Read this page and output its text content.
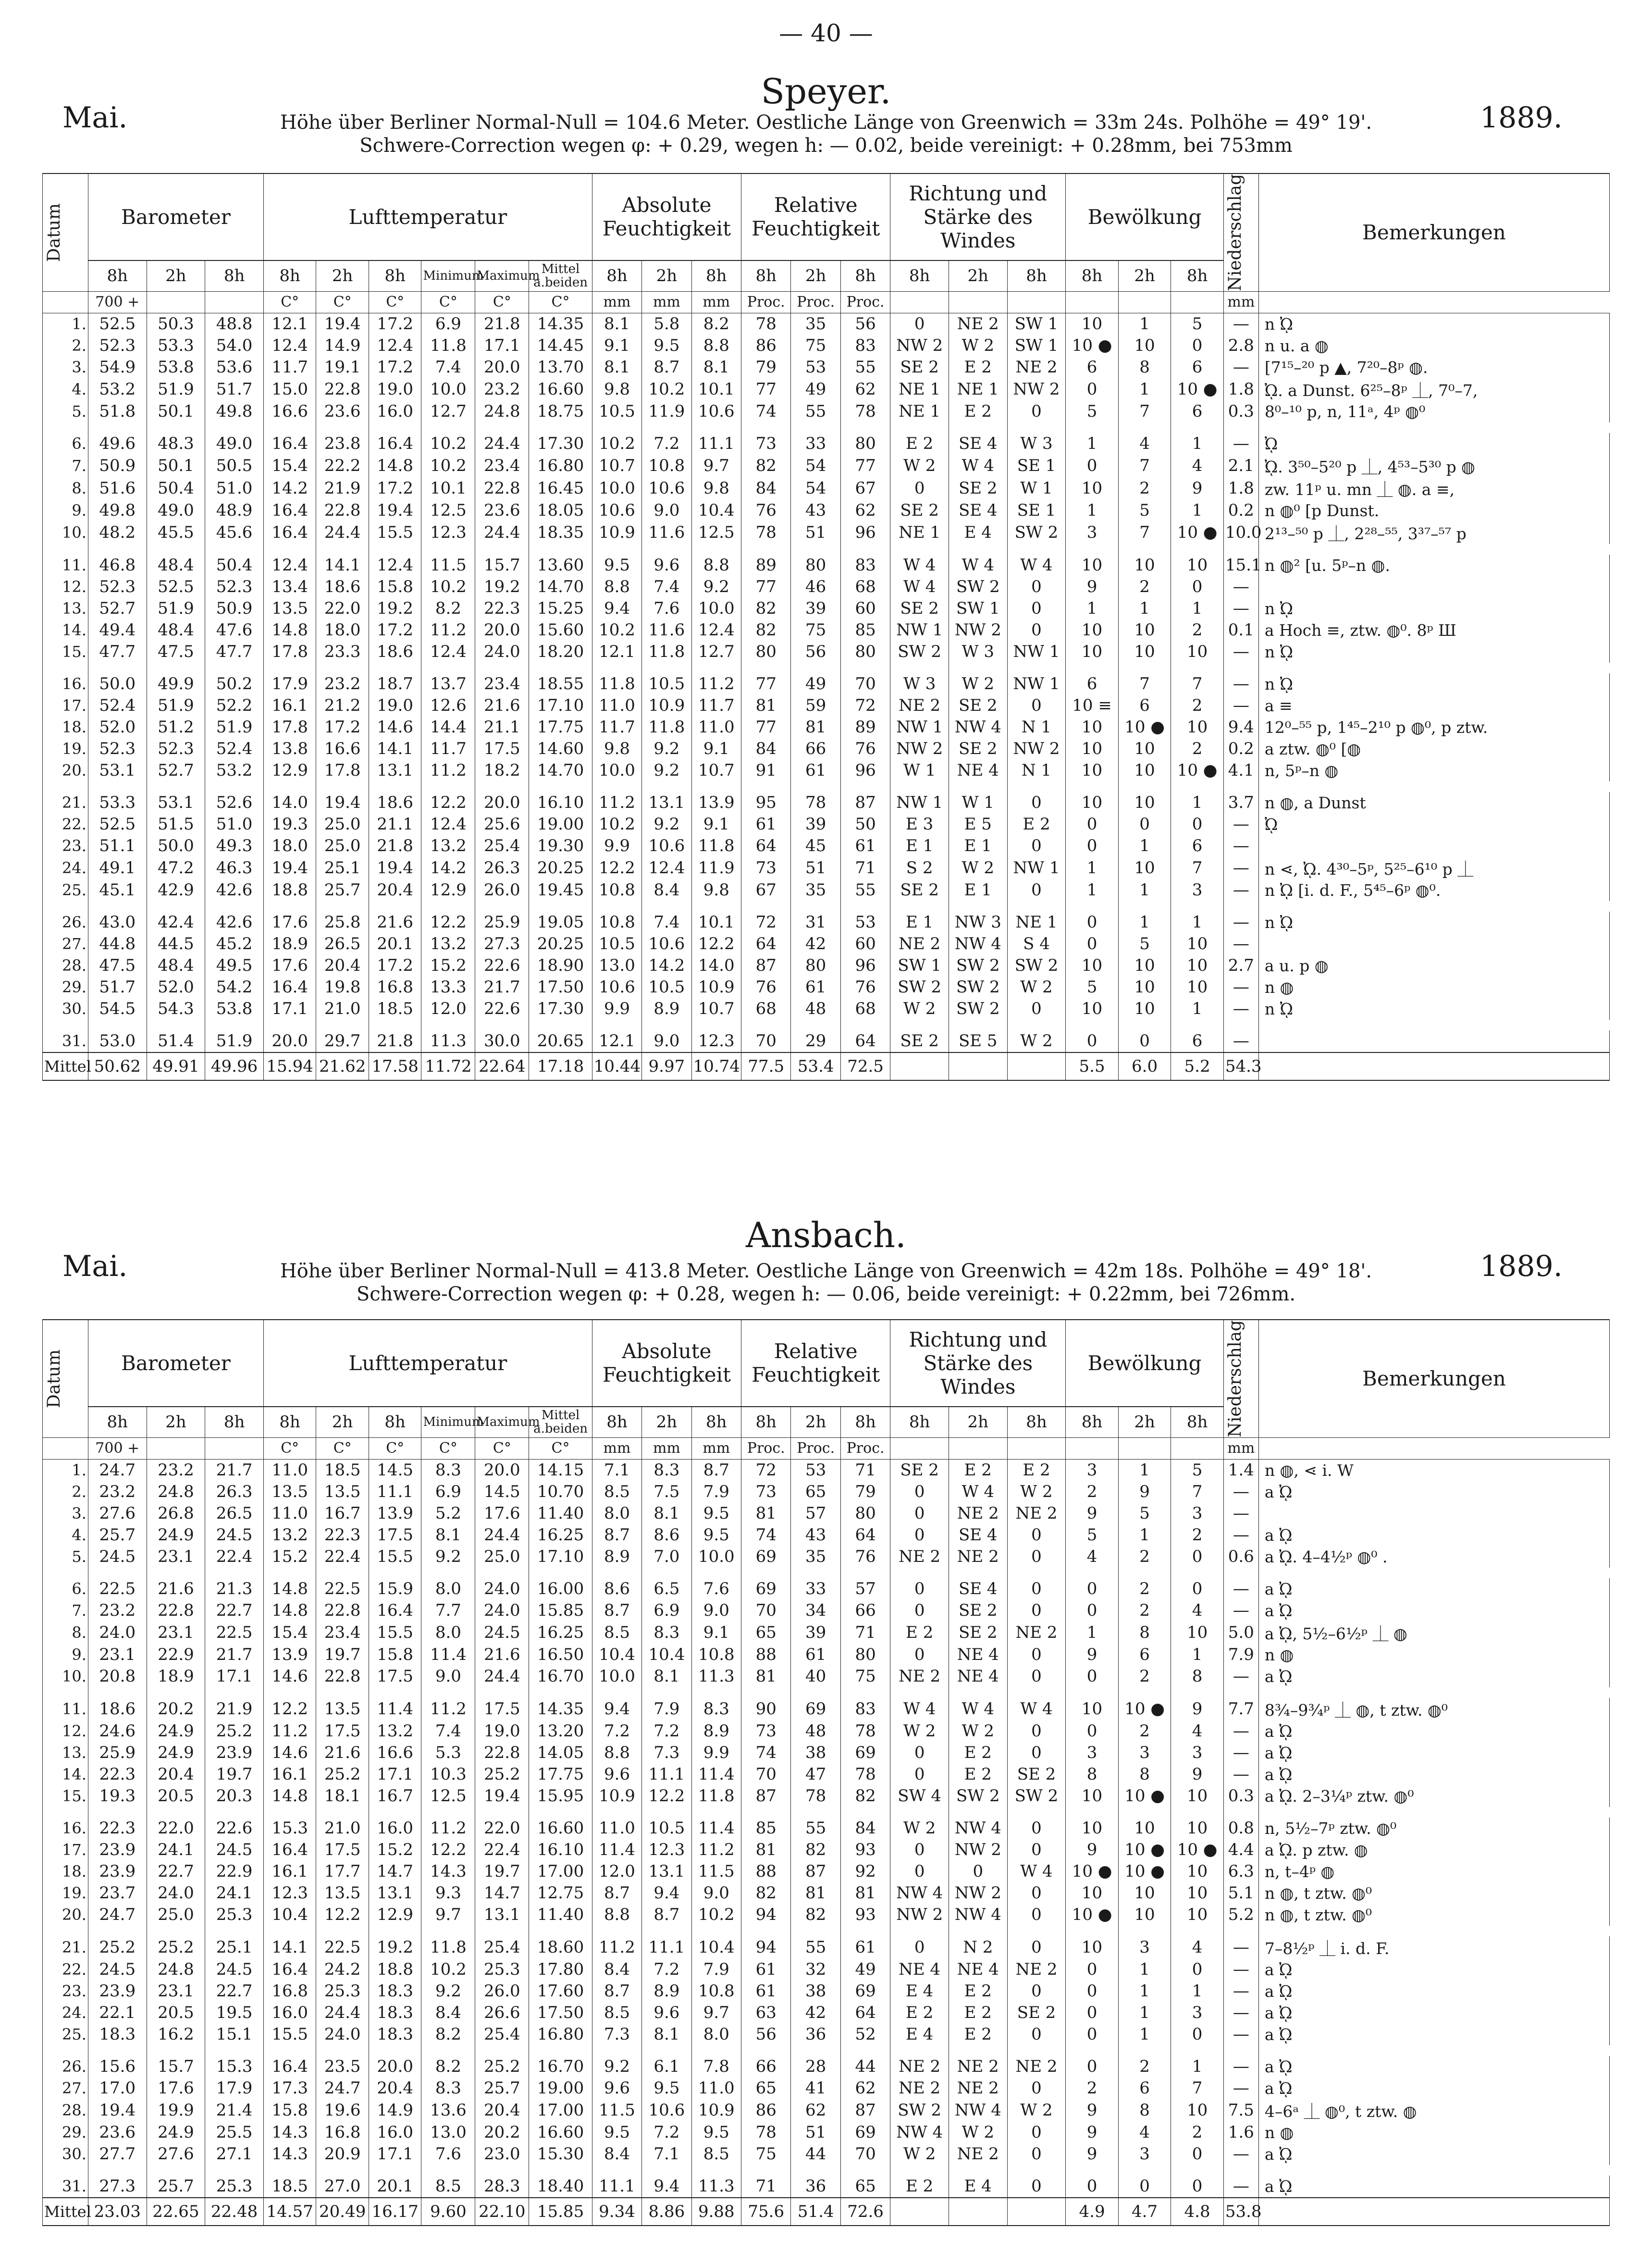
— 40 —
Speyer.
Mai.	1889.
Höhe über Berliner Normal-Null = 104.6 Meter. Oestliche Länge von Greenwich = 33m 24s. Polhöhe = 49° 19'.
Schwere-Correction wegen φ: + 0.29, wegen h: — 0.02, beide vereinigt: + 0.28mm, bei 753mm
Datum	Barometer			Lufttemperatur						Absolute Feuchtigkeit			Relative Feuchtigkeit			Richtung und Stärke des Windes			Bewölkung			Niederschlag	Bemerkungen
	8h	2h	8h	8h	2h	8h	Minimum	Maximum	Mittel a.beiden	8h	2h	8h	8h	2h	8h	8h	2h	8h	8h	2h	8h		
	700 +			C°	C°	C°	C°	C°	C°	mm	mm	mm	Proc.	Proc.	Proc.							mm	
1.	52.5	50.3	48.8	12.1	19.4	17.2	6.9	21.8	14.35	8.1	5.8	8.2	78	35	56	0	NE 2	SW 1	10	1	5	—	n ᾨ
2.	52.3	53.3	54.0	12.4	14.9	12.4	11.8	17.1	14.45	9.1	9.5	8.8	86	75	83	NW 2	W 2	SW 1	10 ●	10	0	2.8	n u. a ◍
3.	54.9	53.8	53.6	11.7	19.1	17.2	7.4	20.0	13.70	8.1	8.7	8.1	79	53	55	SE 2	E 2	NE 2	6	8	6	—	[7¹⁵–²⁰ p ▲, 7²⁰–8ᵖ ◍.
4.	53.2	51.9	51.7	15.0	22.8	19.0	10.0	23.2	16.60	9.8	10.2	10.1	77	49	62	NE 1	NE 1	NW 2	0	1	10 ●	1.8	ᾨ. a Dunst. 6²⁵–8ᵖ ⏊, 7⁰–7,
5.	51.8	50.1	49.8	16.6	23.6	16.0	12.7	24.8	18.75	10.5	11.9	10.6	74	55	78	NE 1	E 2	0	5	7	6	0.3	8⁰–¹⁰ p, n, 11ᵃ, 4ᵖ ◍⁰

6.	49.6	48.3	49.0	16.4	23.8	16.4	10.2	24.4	17.30	10.2	7.2	11.1	73	33	80	E 2	SE 4	W 3	1	4	1	—	ᾨ
7.	50.9	50.1	50.5	15.4	22.2	14.8	10.2	23.4	16.80	10.7	10.8	9.7	82	54	77	W 2	W 4	SE 1	0	7	4	2.1	ᾨ. 3⁵⁰–5²⁰ p ⏊, 4⁵³–5³⁰ p ◍
8.	51.6	50.4	51.0	14.2	21.9	17.2	10.1	22.8	16.45	10.0	10.6	9.8	84	54	67	0	SE 2	W 1	10	2	9	1.8	zw. 11ᵖ u. mn ⏊ ◍. a ≡,
9.	49.8	49.0	48.9	16.4	22.8	19.4	12.5	23.6	18.05	10.6	9.0	10.4	76	43	62	SE 2	SE 4	SE 1	1	5	1	0.2	n ◍⁰ [p Dunst.
10.	48.2	45.5	45.6	16.4	24.4	15.5	12.3	24.4	18.35	10.9	11.6	12.5	78	51	96	NE 1	E 4	SW 2	3	7	10 ●	10.0	2¹³–⁵⁰ p ⏊, 2²⁸–⁵⁵, 3³⁷–⁵⁷ p

11.	46.8	48.4	50.4	12.4	14.1	12.4	11.5	15.7	13.60	9.5	9.6	8.8	89	80	83	W 4	W 4	W 4	10	10	10	15.1	n ◍² [u. 5ᵖ–n ◍.
12.	52.3	52.5	52.3	13.4	18.6	15.8	10.2	19.2	14.70	8.8	7.4	9.2	77	46	68	W 4	SW 2	0	9	2	0	—	
13.	52.7	51.9	50.9	13.5	22.0	19.2	8.2	22.3	15.25	9.4	7.6	10.0	82	39	60	SE 2	SW 1	0	1	1	1	—	n ᾨ
14.	49.4	48.4	47.6	14.8	18.0	17.2	11.2	20.0	15.60	10.2	11.6	12.4	82	75	85	NW 1	NW 2	0	10	10	2	0.1	a Hoch ≡, ztw. ◍⁰. 8ᵖ Ш
15.	47.7	47.5	47.7	17.8	23.3	18.6	12.4	24.0	18.20	12.1	11.8	12.7	80	56	80	SW 2	W 3	NW 1	10	10	10	—	n ᾨ

16.	50.0	49.9	50.2	17.9	23.2	18.7	13.7	23.4	18.55	11.8	10.5	11.2	77	49	70	W 3	W 2	NW 1	6	7	7	—	n ᾨ
17.	52.4	51.9	52.2	16.1	21.2	19.0	12.6	21.6	17.10	11.0	10.9	11.7	81	59	72	NE 2	SE 2	0	10 ≡	6	2	—	a ≡
18.	52.0	51.2	51.9	17.8	17.2	14.6	14.4	21.1	17.75	11.7	11.8	11.0	77	81	89	NW 1	NW 4	N 1	10	10 ●	10	9.4	12⁰–⁵⁵ p, 1⁴⁵–2¹⁰ p ◍⁰, p ztw.
19.	52.3	52.3	52.4	13.8	16.6	14.1	11.7	17.5	14.60	9.8	9.2	9.1	84	66	76	NW 2	SE 2	NW 2	10	10	2	0.2	a ztw. ◍⁰ [◍
20.	53.1	52.7	53.2	12.9	17.8	13.1	11.2	18.2	14.70	10.0	9.2	10.7	91	61	96	W 1	NE 4	N 1	10	10	10 ●	4.1	n, 5ᵖ–n ◍

21.	53.3	53.1	52.6	14.0	19.4	18.6	12.2	20.0	16.10	11.2	13.1	13.9	95	78	87	NW 1	W 1	0	10	10	1	3.7	n ◍, a Dunst
22.	52.5	51.5	51.0	19.3	25.0	21.1	12.4	25.6	19.00	10.2	9.2	9.1	61	39	50	E 3	E 5	E 2	0	0	0	—	ᾨ
23.	51.1	50.0	49.3	18.0	25.0	21.8	13.2	25.4	19.30	9.9	10.6	11.8	64	45	61	E 1	E 1	0	0	1	6	—	
24.	49.1	47.2	46.3	19.4	25.1	19.4	14.2	26.3	20.25	12.2	12.4	11.9	73	51	71	S 2	W 2	NW 1	1	10	7	—	n ⋖, ᾨ. 4³⁰–5ᵖ, 5²⁵–6¹⁰ p ⏊
25.	45.1	42.9	42.6	18.8	25.7	20.4	12.9	26.0	19.45	10.8	8.4	9.8	67	35	55	SE 2	E 1	0	1	1	3	—	n ᾨ [i. d. F., 5⁴⁵–6ᵖ ◍⁰.

26.	43.0	42.4	42.6	17.6	25.8	21.6	12.2	25.9	19.05	10.8	7.4	10.1	72	31	53	E 1	NW 3	NE 1	0	1	1	—	n ᾨ
27.	44.8	44.5	45.2	18.9	26.5	20.1	13.2	27.3	20.25	10.5	10.6	12.2	64	42	60	NE 2	NW 4	S 4	0	5	10	—	
28.	47.5	48.4	49.5	17.6	20.4	17.2	15.2	22.6	18.90	13.0	14.2	14.0	87	80	96	SW 1	SW 2	SW 2	10	10	10	2.7	a u. p ◍
29.	51.7	52.0	54.2	16.4	19.8	16.8	13.3	21.7	17.50	10.6	10.5	10.9	76	61	76	SW 2	SW 2	W 2	5	10	10	—	n ◍
30.	54.5	54.3	53.8	17.1	21.0	18.5	12.0	22.6	17.30	9.9	8.9	10.7	68	48	68	W 2	SW 2	0	10	10	1	—	n ᾨ

31.	53.0	51.4	51.9	20.0	29.7	21.8	11.3	30.0	20.65	12.1	9.0	12.3	70	29	64	SE 2	SE 5	W 2	0	0	6	—	
Mittel	50.62	49.91	49.96	15.94	21.62	17.58	11.72	22.64	17.18	10.44	9.97	10.74	77.5	53.4	72.5				5.5	6.0	5.2	54.3	
Ansbach.
Mai.	1889.
Höhe über Berliner Normal-Null = 413.8 Meter. Oestliche Länge von Greenwich = 42m 18s. Polhöhe = 49° 18'.
Schwere-Correction wegen φ: + 0.28, wegen h: — 0.06, beide vereinigt: + 0.22mm, bei 726mm.
Datum	Barometer			Lufttemperatur						Absolute Feuchtigkeit			Relative Feuchtigkeit			Richtung und Stärke des Windes			Bewölkung			Niederschlag	Bemerkungen
	8h	2h	8h	8h	2h	8h	Minimum	Maximum	Mittel a.beiden	8h	2h	8h	8h	2h	8h	8h	2h	8h	8h	2h	8h		
	700 +			C°	C°	C°	C°	C°	C°	mm	mm	mm	Proc.	Proc.	Proc.							mm	
1.	24.7	23.2	21.7	11.0	18.5	14.5	8.3	20.0	14.15	7.1	8.3	8.7	72	53	71	SE 2	E 2	E 2	3	1	5	1.4	n ◍, ⋖ i. W
2.	23.2	24.8	26.3	13.5	13.5	11.1	6.9	14.5	10.70	8.5	7.5	7.9	73	65	79	0	W 4	W 2	2	9	7	—	a ᾨ
3.	27.6	26.8	26.5	11.0	16.7	13.9	5.2	17.6	11.40	8.0	8.1	9.5	81	57	80	0	NE 2	NE 2	9	5	3	—	
4.	25.7	24.9	24.5	13.2	22.3	17.5	8.1	24.4	16.25	8.7	8.6	9.5	74	43	64	0	SE 4	0	5	1	2	—	a ᾨ
5.	24.5	23.1	22.4	15.2	22.4	15.5	9.2	25.0	17.10	8.9	7.0	10.0	69	35	76	NE 2	NE 2	0	4	2	0	0.6	a ᾨ. 4–4½ᵖ ◍⁰ .

6.	22.5	21.6	21.3	14.8	22.5	15.9	8.0	24.0	16.00	8.6	6.5	7.6	69	33	57	0	SE 4	0	0	2	0	—	a ᾨ
7.	23.2	22.8	22.7	14.8	22.8	16.4	7.7	24.0	15.85	8.7	6.9	9.0	70	34	66	0	SE 2	0	0	2	4	—	a ᾨ
8.	24.0	23.1	22.5	15.4	23.4	15.5	8.0	24.5	16.25	8.5	8.3	9.1	65	39	71	E 2	SE 2	NE 2	1	8	10	5.0	a ᾨ, 5½–6½ᵖ ⏊ ◍
9.	23.1	22.9	21.7	13.9	19.7	15.8	11.4	21.6	16.50	10.4	10.4	10.8	88	61	80	0	NE 4	0	9	6	1	7.9	n ◍
10.	20.8	18.9	17.1	14.6	22.8	17.5	9.0	24.4	16.70	10.0	8.1	11.3	81	40	75	NE 2	NE 4	0	0	2	8	—	a ᾨ

11.	18.6	20.2	21.9	12.2	13.5	11.4	11.2	17.5	14.35	9.4	7.9	8.3	90	69	83	W 4	W 4	W 4	10	10 ●	9	7.7	8¾–9¾ᵖ ⏊ ◍, t ztw. ◍⁰
12.	24.6	24.9	25.2	11.2	17.5	13.2	7.4	19.0	13.20	7.2	7.2	8.9	73	48	78	W 2	W 2	0	0	2	4	—	a ᾨ
13.	25.9	24.9	23.9	14.6	21.6	16.6	5.3	22.8	14.05	8.8	7.3	9.9	74	38	69	0	E 2	0	3	3	3	—	a ᾨ
14.	22.3	20.4	19.7	16.1	25.2	17.1	10.3	25.2	17.75	9.6	11.1	11.4	70	47	78	0	E 2	SE 2	8	8	9	—	a ᾨ
15.	19.3	20.5	20.3	14.8	18.1	16.7	12.5	19.4	15.95	10.9	12.2	11.8	87	78	82	SW 4	SW 2	SW 2	10	10 ●	10	0.3	a ᾨ. 2–3¼ᵖ ztw. ◍⁰

16.	22.3	22.0	22.6	15.3	21.0	16.0	11.2	22.0	16.60	11.0	10.5	11.4	85	55	84	W 2	NW 4	0	10	10	10	0.8	n, 5½–7ᵖ ztw. ◍⁰
17.	23.9	24.1	24.5	16.4	17.5	15.2	12.2	22.4	16.10	11.4	12.3	11.2	81	82	93	0	NW 2	0	9	10 ●	10 ●	4.4	a ᾨ. p ztw. ◍
18.	23.9	22.7	22.9	16.1	17.7	14.7	14.3	19.7	17.00	12.0	13.1	11.5	88	87	92	0	0	W 4	10 ●	10 ●	10	6.3	n, t–4ᵖ ◍
19.	23.7	24.0	24.1	12.3	13.5	13.1	9.3	14.7	12.75	8.7	9.4	9.0	82	81	81	NW 4	NW 2	0	10	10	10	5.1	n ◍, t ztw. ◍⁰
20.	24.7	25.0	25.3	10.4	12.2	12.9	9.7	13.1	11.40	8.8	8.7	10.2	94	82	93	NW 2	NW 4	0	10 ●	10	10	5.2	n ◍, t ztw. ◍⁰

21.	25.2	25.2	25.1	14.1	22.5	19.2	11.8	25.4	18.60	11.2	11.1	10.4	94	55	61	0	N 2	0	10	3	4	—	7–8½ᵖ ⏊ i. d. F.
22.	24.5	24.8	24.5	16.4	24.2	18.8	10.2	25.3	17.80	8.4	7.2	7.9	61	32	49	NE 4	NE 4	NE 2	0	1	0	—	a ᾨ
23.	23.9	23.1	22.7	16.8	25.3	18.3	9.2	26.0	17.60	8.7	8.9	10.8	61	38	69	E 4	E 2	0	0	1	1	—	a ᾨ
24.	22.1	20.5	19.5	16.0	24.4	18.3	8.4	26.6	17.50	8.5	9.6	9.7	63	42	64	E 2	E 2	SE 2	0	1	3	—	a ᾨ
25.	18.3	16.2	15.1	15.5	24.0	18.3	8.2	25.4	16.80	7.3	8.1	8.0	56	36	52	E 4	E 2	0	0	1	0	—	a ᾨ

26.	15.6	15.7	15.3	16.4	23.5	20.0	8.2	25.2	16.70	9.2	6.1	7.8	66	28	44	NE 2	NE 2	NE 2	0	2	1	—	a ᾨ
27.	17.0	17.6	17.9	17.3	24.7	20.4	8.3	25.7	19.00	9.6	9.5	11.0	65	41	62	NE 2	NE 2	0	2	6	7	—	a ᾨ
28.	19.4	19.9	21.4	15.8	19.6	14.9	13.6	20.4	17.00	11.5	10.6	10.9	86	62	87	SW 2	NW 4	W 2	9	8	10	7.5	4–6ᵃ ⏊ ◍⁰, t ztw. ◍
29.	23.6	24.9	25.5	14.3	16.8	16.0	13.0	20.2	16.60	9.5	7.2	9.5	78	51	69	NW 4	W 2	0	9	4	2	1.6	n ◍
30.	27.7	27.6	27.1	14.3	20.9	17.1	7.6	23.0	15.30	8.4	7.1	8.5	75	44	70	W 2	NE 2	0	9	3	0	—	a ᾨ

31.	27.3	25.7	25.3	18.5	27.0	20.1	8.5	28.3	18.40	11.1	9.4	11.3	71	36	65	E 2	E 4	0	0	0	0	—	a ᾨ
Mittel	23.03	22.65	22.48	14.57	20.49	16.17	9.60	22.10	15.85	9.34	8.86	9.88	75.6	51.4	72.6				4.9	4.7	4.8	53.8	
